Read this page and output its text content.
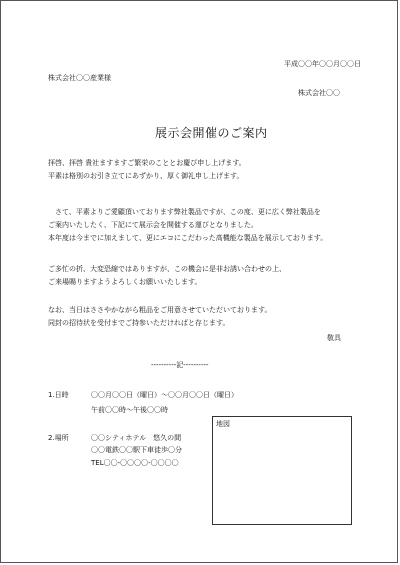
平成〇〇年〇〇月〇〇日
株式会社〇〇産業様
株式会社〇〇
展示会開催のご案内
拝啓、拝啓 貴社ますますご繁栄のこととお慶び申し上げます。
平素は格別のお引き立てにあずかり、厚く御礼申し上げます。
　さて、平素よりご愛顧頂いております弊社製品ですが、この度、更に広く弊社製品を
ご案内いたしたく、下記にて展示会を開催する運びとなりました。
本年度は今までに加えまして、更にエコにこだわった高機能な製品を展示しております。
ご多忙の折、大変恐縮ではありますが、この機会に是非お誘い合わせの上、
ご来場賜りますようよろしくお願いいたします。
なお、当日はささやかながら粗品をご用意させていただいております。
同封の招待状を受付までご持参いただければと存じます。
敬具
----------記----------
1.日時	〇〇月〇〇日（曜日）～〇〇月〇〇日（曜日）
午前〇〇時～午後〇〇時
2.場所	〇〇シティホテル　悠久の間
〇〇電鉄〇〇駅下車徒歩〇分
TEL〇〇-〇〇〇〇-〇〇〇〇
地図
